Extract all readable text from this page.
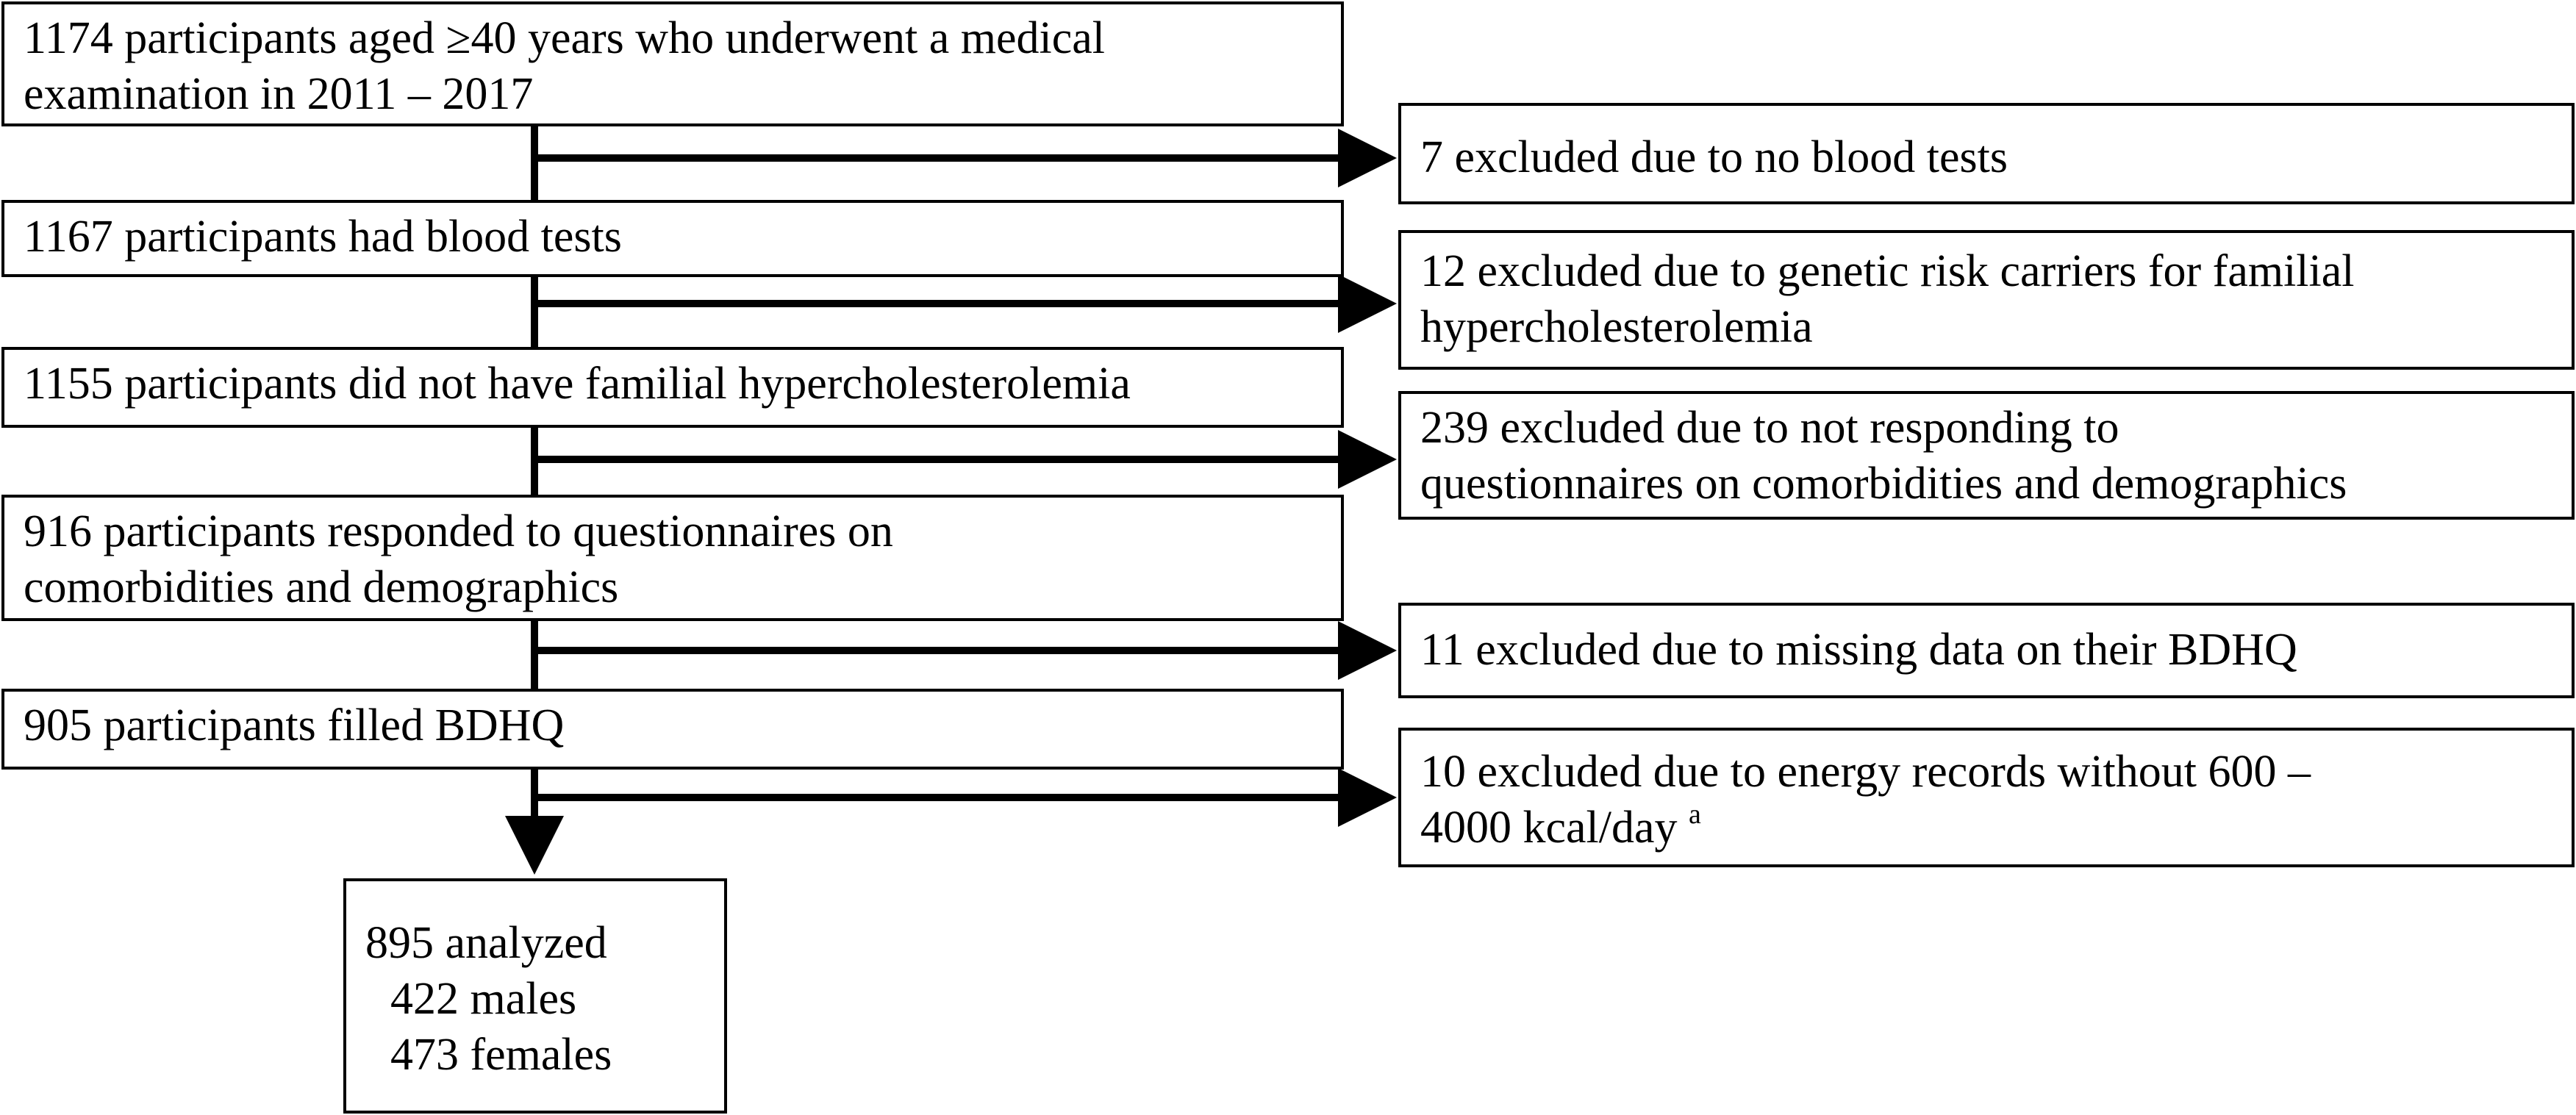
1174 participants aged ≥40 years who underwent a medical
examination in 2011 – 2017
1167 participants had blood tests
1155 participants did not have familial hypercholesterolemia
916 participants responded to questionnaires on
comorbidities and demographics
905 participants filled BDHQ
7 excluded due to no blood tests
12 excluded due to genetic risk carriers for familial
hypercholesterolemia
239 excluded due to not responding to
questionnaires on comorbidities and demographics
11 excluded due to missing data on their BDHQ
10 excluded due to energy records without 600 –
4000 kcal/day $^a$
895 analyzed
422 males
473 females
